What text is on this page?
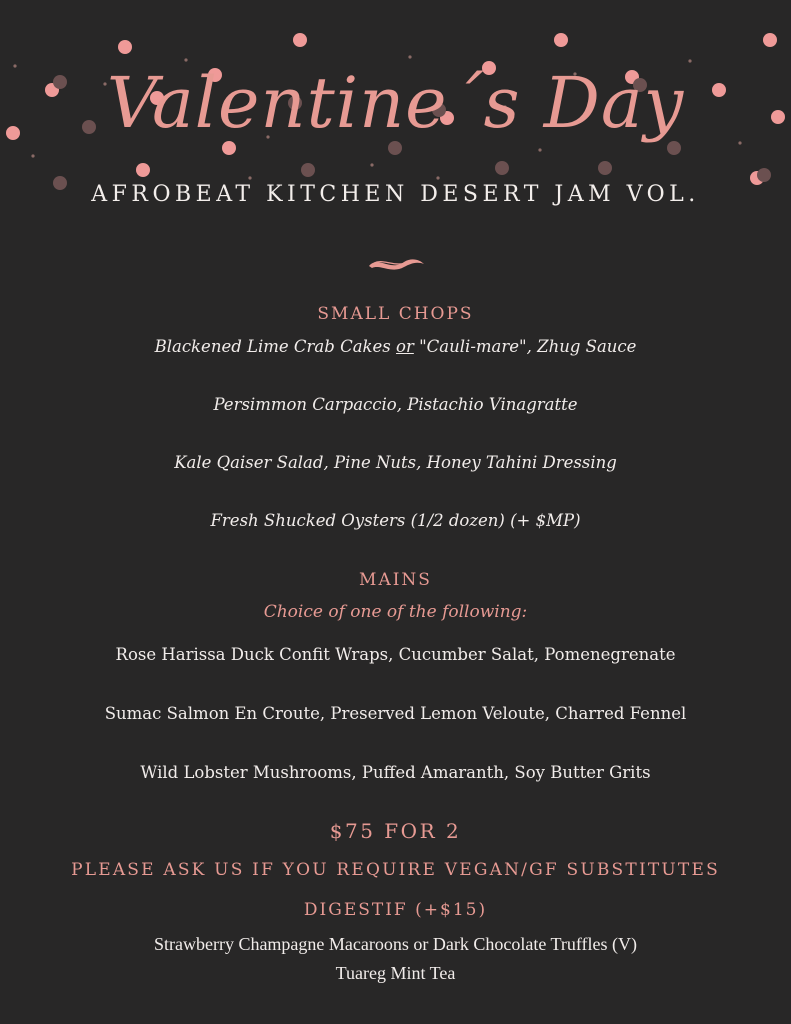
Valentine´s Day
AFROBEAT KITCHEN DESERT JAM VOL.
SMALL CHOPS
Blackened Lime Crab Cakes or "Cauli-mare", Zhug Sauce
Persimmon Carpaccio, Pistachio Vinagratte
Kale Qaiser Salad, Pine Nuts, Honey Tahini Dressing
Fresh Shucked Oysters (1/2 dozen) (+ $MP)
MAINS
Choice of one of the following:
Rose Harissa Duck Confit Wraps, Cucumber Salat, Pomenegrenate
Sumac Salmon En Croute, Preserved Lemon Veloute, Charred Fennel
Wild Lobster Mushrooms, Puffed Amaranth, Soy Butter Grits
$75 FOR 2
PLEASE ASK US IF YOU REQUIRE VEGAN/GF SUBSTITUTES
DIGESTIF (+$15)
Strawberry Champagne Macaroons or Dark Chocolate Truffles (V)
Tuareg Mint Tea
